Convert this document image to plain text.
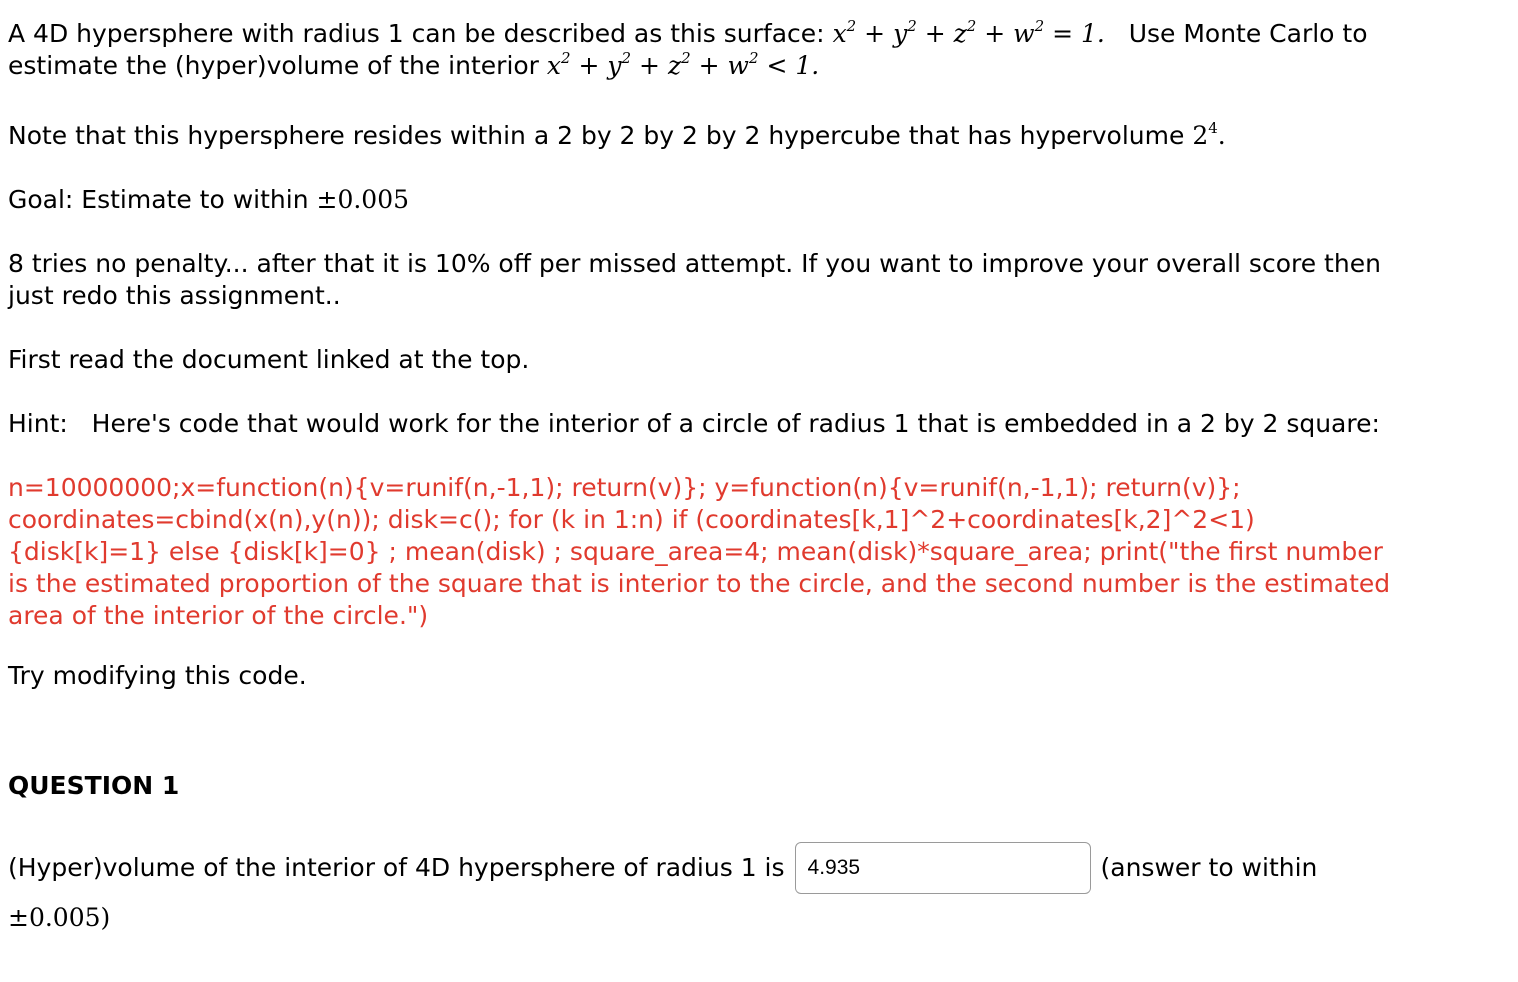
A 4D hypersphere with radius 1 can be described as this surface: $x^2 + y^2 + z^2 + w^2 = 1$. Use Monte Carlo to
estimate the (hyper)volume of the interior $x^2 + y^2 + z^2 + w^2 < 1$.

Note that this hypersphere resides within a 2 by 2 by 2 by 2 hypercube that has hypervolume $2^4$.

Goal: Estimate to within ±0.005

8 tries no penalty... after that it is 10% off per missed attempt. If you want to improve your overall score then just redo this assignment..

First read the document linked at the top.

Hint: Here's code that would work for the interior of a circle of radius 1 that is embedded in a 2 by 2 square:

n=10000000;x=function(n){v=runif(n,-1,1); return(v)}; y=function(n){v=runif(n,-1,1); return(v)}; coordinates=cbind(x(n),y(n)); disk=c(); for (k in 1:n) if (coordinates[k,1]^2+coordinates[k,2]^2<1) {disk[k]=1} else {disk[k]=0} ; mean(disk) ; square_area=4; mean(disk)*square_area; print("the first number is the estimated proportion of the square that is interior to the circle, and the second number is the estimated area of the interior of the circle.")

Try modifying this code.

QUESTION 1

(Hyper)volume of the interior of 4D hypersphere of radius 1 is
4.935	(answer to within

±0.005)
